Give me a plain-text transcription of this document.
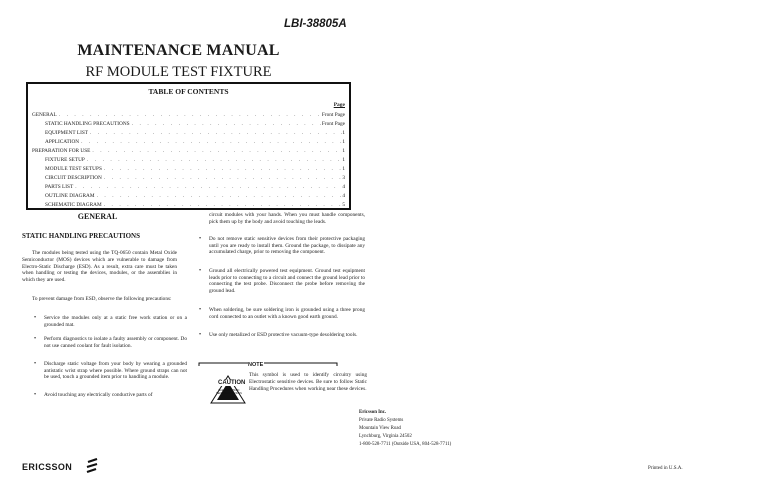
LBI-38805A
MAINTENANCE MANUAL
RF MODULE TEST FIXTURE
TABLE OF CONTENTS
Page
GENERAL . . .	Front Page
STATIC HANDLING PRECAUTIONS . . .	Front Page
EQUIPMENT LIST . . .	1
APPLICATION . . .	1
PREPARATION FOR USE . . .	1
FIXTURE SETUP . . .	1
MODULE TEST SETUPS . . .	1
CIRCUIT DESCRIPTION . . .	3
PARTS LIST . . .	4
OUTLINE DIAGRAM . . .	4
SCHEMATIC DIAGRAM . . .	5
GENERAL
STATIC HANDLING PRECAUTIONS
The modules being tested using the TQ-0650 contain Metal Oxide Semiconductor (MOS) devices which are vulnerable to damage from Electro-Static Discharge (ESD). As a result, extra care must be taken when handling or testing the devices, modules, or the assemblies in which they are used.
To prevent damage from ESD, observe the following precautions:
• Service the modules only at a static free work station or on a grounded mat.
• Perform diagnostics to isolate a faulty assembly or component. Do not use canned coolant for fault isolation.
• Discharge static voltage from your body by wearing a grounded antistatic wrist strap where possible. Where ground straps can not be used, touch a grounded item prior to handling a module.
• Avoid touching any electrically conductive parts of
circuit modules with your hands. When you must handle components, pick them up by the body and avoid touching the leads.
• Do not remove static sensitive devices from their protective packaging until you are ready to install them. Ground the package, to dissipate any accumulated charge, prior to removing the component.
• Ground all electrically powered test equipment. Ground test equipment leads prior to connecting to a circuit and connect the ground lead prior to connecting the test probe. Disconnect the probe before removing the ground lead.
• When soldering, be sure soldering iron is grounded using a three prong cord connected to an outlet with a known good earth ground.
• Use only metalized or ESD protective vacuum-type desoldering tools.
NOTE
This symbol is used to identify circuitry using Electrostatic sensitive devices. Be sure to follow Static Handling Procedures when working near these devices.
CAUTION
ELECTROSTATIC SENSITIVE DEVICES
Ericsson Inc.
Private Radio Systems
Mountain View Road
Lynchburg, Virginia 24502
1-800-528-7711 (Outside USA, 804-528-7711)
Printed in U.S.A.
ERICSSON
